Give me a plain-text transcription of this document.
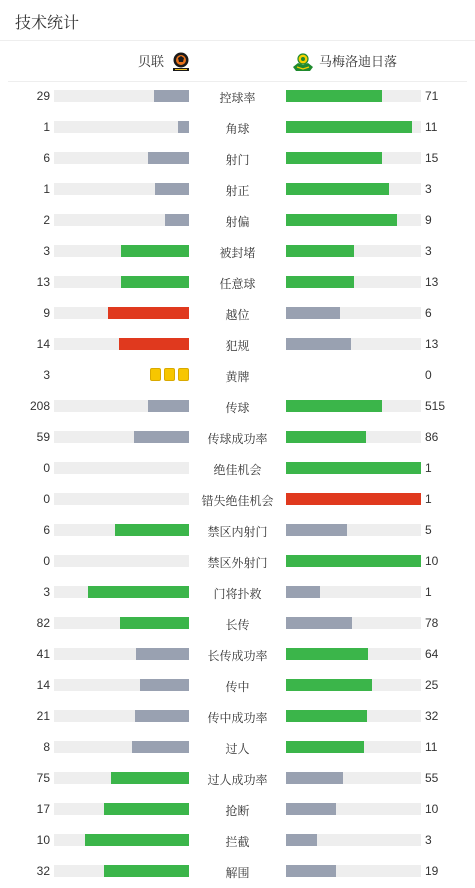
技术统计
贝联	马梅洛迪日落
29	控球率	71
1	角球	11
6	射门	15
1	射正	3
2	射偏	9
3	被封堵	3
13	任意球	13
9	越位	6
14	犯规	13
3	黄牌	0
208	传球	515
59	传球成功率	86
0	绝佳机会	1
0	错失绝佳机会	1
6	禁区内射门	5
0	禁区外射门	10
3	门将扑救	1
82	长传	78
41	长传成功率	64
14	传中	25
21	传中成功率	32
8	过人	11
75	过人成功率	55
17	抢断	10
10	拦截	3
32	解围	19
